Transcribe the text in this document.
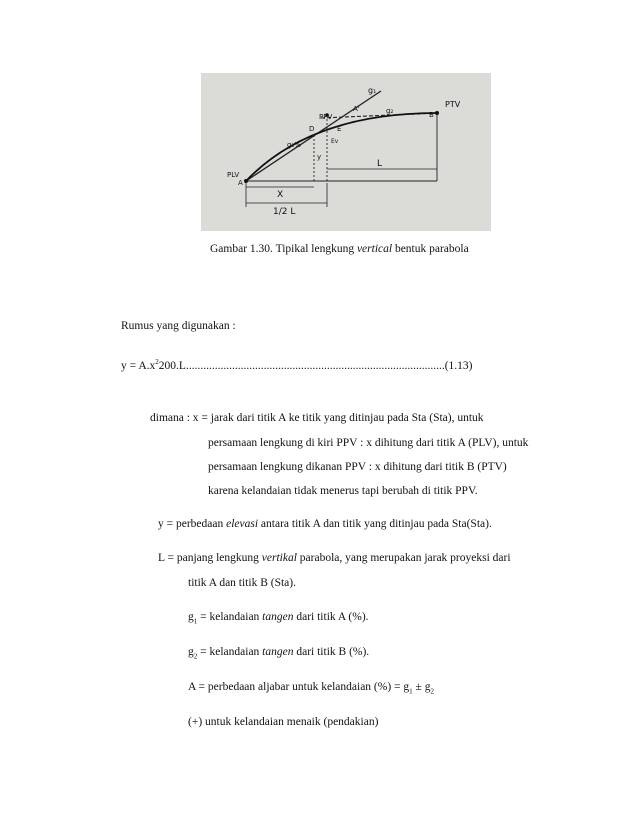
g₁
PPV
A'	g₂
PTV
B
D	E
Ev
g₁%
y
PLV
A
X
L
1/2 L
Gambar 1.30. Tipikal lengkung vertical bentuk parabola
Rumus yang digunakan :
$y = A.x^2200.L..........................................................................................(1.13)$
dimana : x = jarak dari titik A ke titik yang ditinjau pada Sta (Sta), untuk
persamaan lengkung di kiri PPV : x dihitung dari titik A (PLV), untuk
persamaan lengkung dikanan PPV : x dihitung dari titik B (PTV)
karena kelandaian tidak menerus tapi berubah di titik PPV.
y = perbedaan elevasi antara titik A dan titik yang ditinjau pada Sta(Sta).
L = panjang lengkung vertikal parabola, yang merupakan jarak proyeksi dari
titik A dan titik B (Sta).
$g_1$ = kelandaian tangen dari titik A (%).
$g_2$ = kelandaian tangen dari titik B (%).
A = perbedaan aljabar untuk kelandaian (%) = $g_1 \pm g_2$
(+) untuk kelandaian menaik (pendakian)
